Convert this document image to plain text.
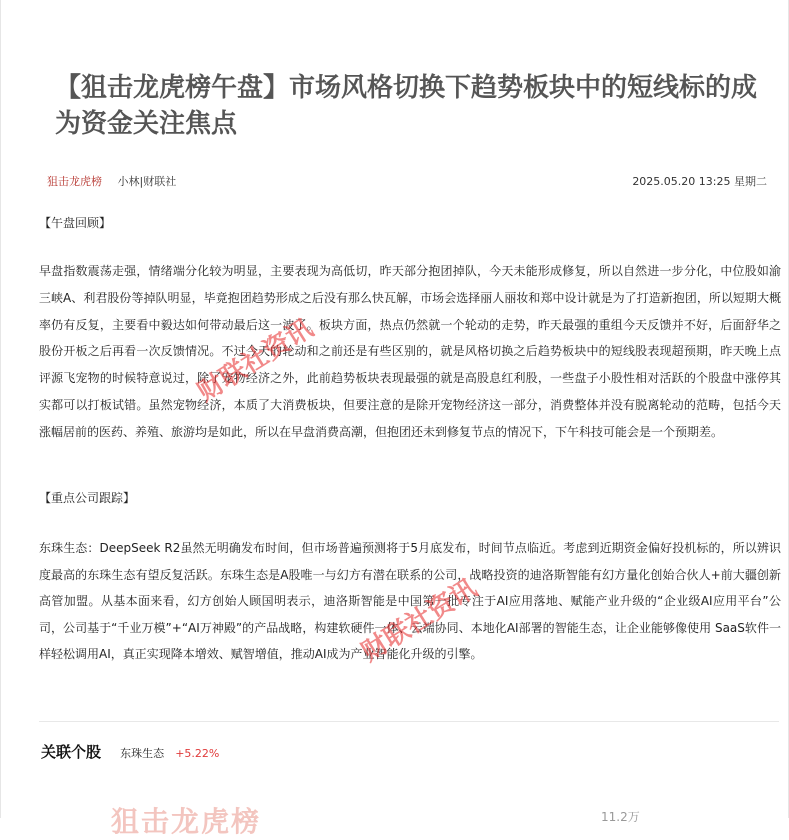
【狙击龙虎榜午盘】市场风格切换下趋势板块中的短线标的成为资金关注焦点
狙击龙虎榜 小林|财联社	2025.05.20 13:25 星期二
【午盘回顾】
早盘指数震荡走强，情绪端分化较为明显，主要表现为高低切，昨天部分抱团掉队，今天未能形成修复，所以自然进一步分化，中位股如渝三峡A、利君股份等掉队明显，毕竟抱团趋势形成之后没有那么快瓦解，市场会选择丽人丽妆和郑中设计就是为了打造新抱团，所以短期大概率仍有反复，主要看中毅达如何带动最后这一波了。板块方面，热点仍然就一个轮动的走势，昨天最强的重组今天反馈并不好，后面舒华之股份开板之后再看一次反馈情况。不过今天的轮动和之前还是有些区别的，就是风格切换之后趋势板块中的短线股表现超预期，昨天晚上点评源飞宠物的时候特意说过，除了宠物经济之外，此前趋势板块表现最强的就是高股息红利股，一些盘子小股性相对活跃的个股盘中涨停其实都可以打板试错。虽然宠物经济，本质了大消费板块，但要注意的是除开宠物经济这一部分，消费整体并没有脱离轮动的范畴，包括今天涨幅居前的医药、养殖、旅游均是如此，所以在早盘消费高潮，但抱团还未到修复节点的情况下，下午科技可能会是一个预期差。
【重点公司跟踪】
东珠生态：DeepSeek R2虽然无明确发布时间，但市场普遍预测将于5月底发布，时间节点临近。考虑到近期资金偏好投机标的，所以辨识度最高的东珠生态有望反复活跃。东珠生态是A股唯一与幻方有潜在联系的公司，战略投资的迪洛斯智能有幻方量化创始合伙人+前大疆创新高管加盟。从基本面来看，幻方创始人顾国明表示，迪洛斯智能是中国第一批专注于AI应用落地、赋能产业升级的“企业级AI应用平台”公司，公司基于“千业万模”+“AI万神殿”的产品战略，构建软硬件一体、云端协同、本地化AI部署的智能生态，让企业能够像使用 SaaS软件一样轻松调用AI，真正实现降本增效、赋智增值，推动AI成为产业智能化升级的引擎。
关联个股 东珠生态 +5.22%
狙击龙虎榜	11.2万
财联社资讯
财联社资讯
